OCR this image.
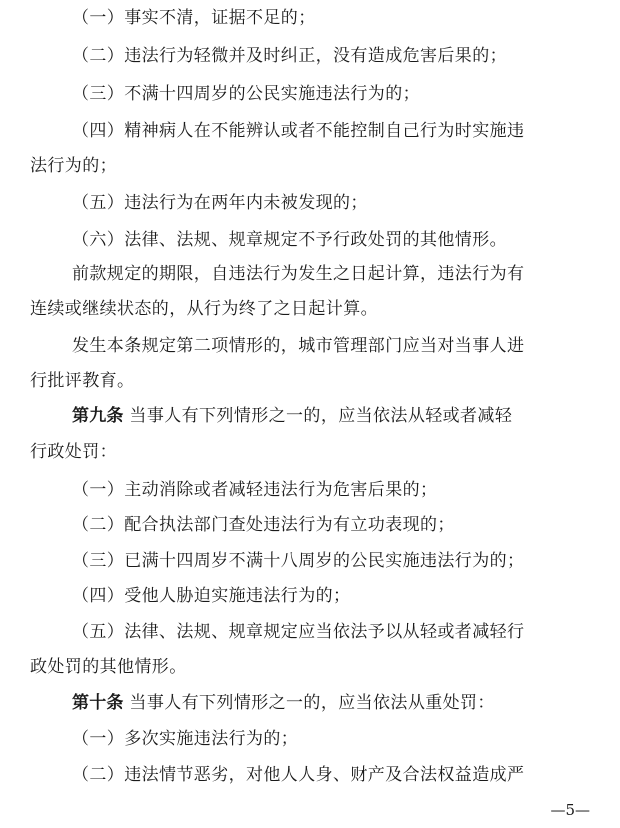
（一）事实不清，证据不足的；
（二）违法行为轻微并及时纠正，没有造成危害后果的；
（三）不满十四周岁的公民实施违法行为的；
（四）精神病人在不能辨认或者不能控制自己行为时实施违
法行为的；
（五）违法行为在两年内未被发现的；
（六）法律、法规、规章规定不予行政处罚的其他情形。
前款规定的期限，自违法行为发生之日起计算，违法行为有
连续或继续状态的，从行为终了之日起计算。
发生本条规定第二项情形的，城市管理部门应当对当事人进
行批评教育。
第九条 当事人有下列情形之一的，应当依法从轻或者减轻
行政处罚：
（一）主动消除或者减轻违法行为危害后果的；
（二）配合执法部门查处违法行为有立功表现的；
（三）已满十四周岁不满十八周岁的公民实施违法行为的；
（四）受他人胁迫实施违法行为的；
（五）法律、法规、规章规定应当依法予以从轻或者减轻行
政处罚的其他情形。
第十条 当事人有下列情形之一的，应当依法从重处罚：
（一）多次实施违法行为的；
（二）违法情节恶劣，对他人人身、财产及合法权益造成严
—5—
